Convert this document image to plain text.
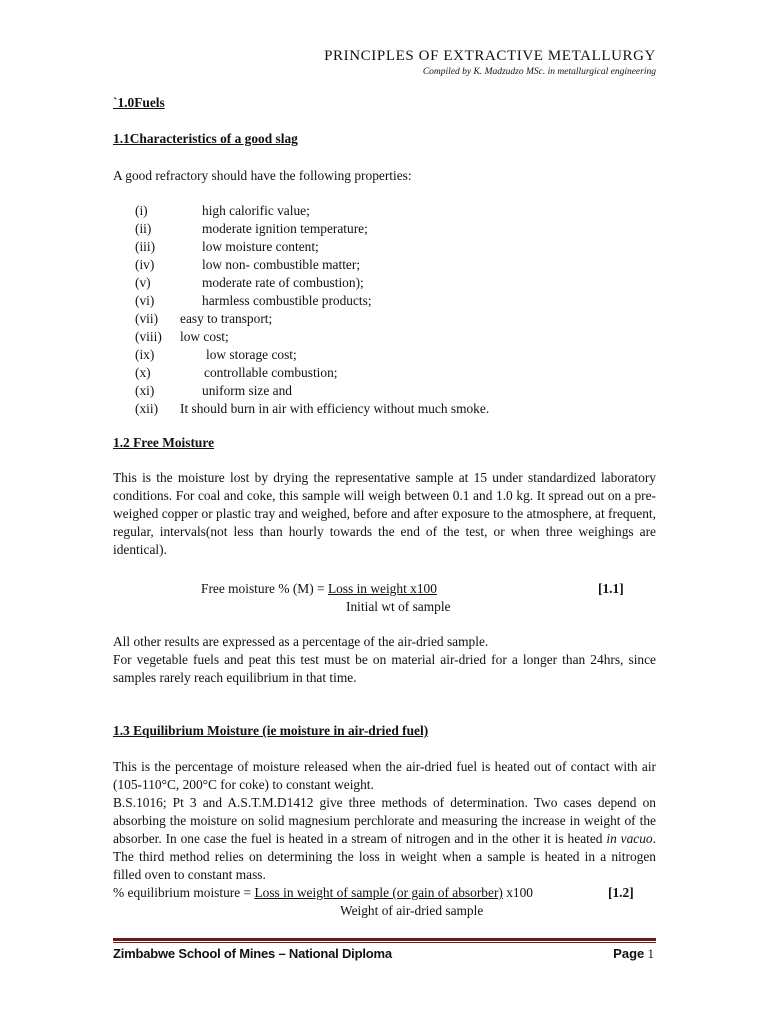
PRINCIPLES OF EXTRACTIVE METALLURGY
Compiled by K. Madzudzo MSc. in metallurgical engineering
`1.0Fuels
1.1Characteristics of a good slag
A good refractory should have the following properties:
(i)	high calorific value;
(ii)	moderate ignition temperature;
(iii)	low moisture content;
(iv)	low non- combustible matter;
(v)	moderate rate of combustion);
(vi)	harmless combustible products;
(vii) easy to transport;
(viii) low cost;
(ix)	low storage cost;
(x)	controllable combustion;
(xi)	uniform size and
(xii) It should burn in air with efficiency without much smoke.
1.2 Free Moisture
This is the moisture lost by drying the representative sample at 15 under standardized laboratory conditions. For coal and coke, this sample will weigh between 0.1 and 1.0 kg. It spread out on a pre-weighed copper or plastic tray and weighed, before and after exposure to the atmosphere, at frequent, regular, intervals(not less than hourly towards the end of the test, or when three weighings are identical).
Free moisture % (M) = Loss in weight x100	[1.1]
Initial wt of sample
All other results are expressed as a percentage of the air-dried sample.
For vegetable fuels and peat this test must be on material air-dried for a longer than 24hrs, since samples rarely reach equilibrium in that time.
1.3 Equilibrium Moisture (ie moisture in air-dried fuel)
This is the percentage of moisture released when the air-dried fuel is heated out of contact with air (105-110°C, 200°C for coke) to constant weight.
B.S.1016; Pt 3 and A.S.T.M.D1412 give three methods of determination. Two cases depend on absorbing the moisture on solid magnesium perchlorate and measuring the increase in weight of the absorber. In one case the fuel is heated in a stream of nitrogen and in the other it is heated in vacuo. The third method relies on determining the loss in weight when a sample is heated in a nitrogen filled oven to constant mass.
% equilibrium moisture = Loss in weight of sample (or gain of absorber) x100	[1.2]
Weight of air-dried sample
Zimbabwe School of Mines – National Diploma	Page 1
